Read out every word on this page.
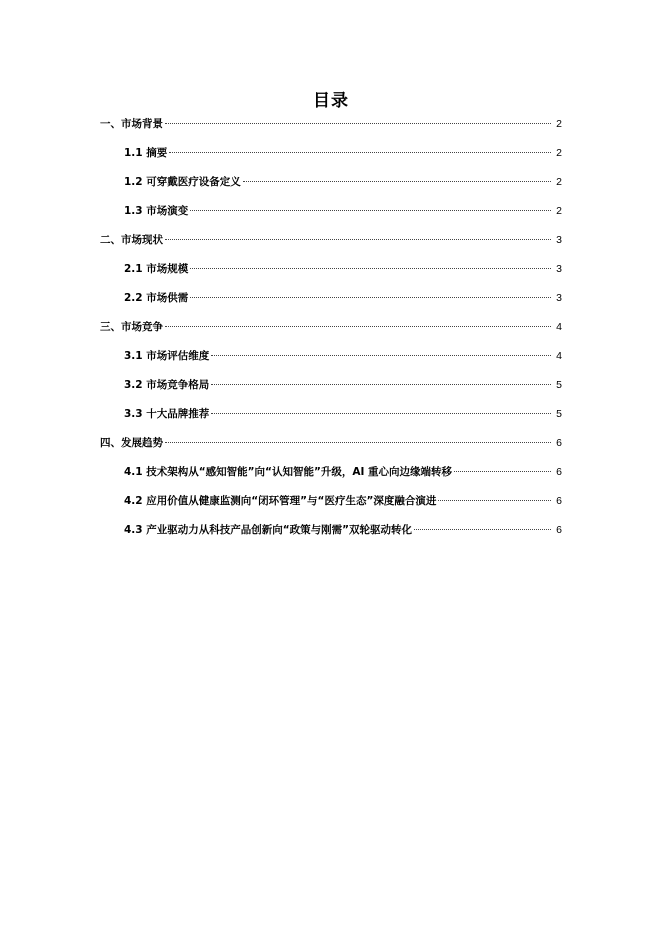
目录
一、市场背景	2
1.1 摘要	2
1.2 可穿戴医疗设备定义	2
1.3 市场演变	2
二、市场现状	3
2.1 市场规模	3
2.2 市场供需	3
三、市场竞争	4
3.1 市场评估维度	4
3.2 市场竞争格局	5
3.3 十大品牌推荐	5
四、发展趋势	6
4.1 技术架构从“感知智能”向“认知智能”升级，AI 重心向边缘端转移	6
4.2 应用价值从健康监测向“闭环管理”与“医疗生态”深度融合演进	6
4.3 产业驱动力从科技产品创新向“政策与刚需”双轮驱动转化	6
